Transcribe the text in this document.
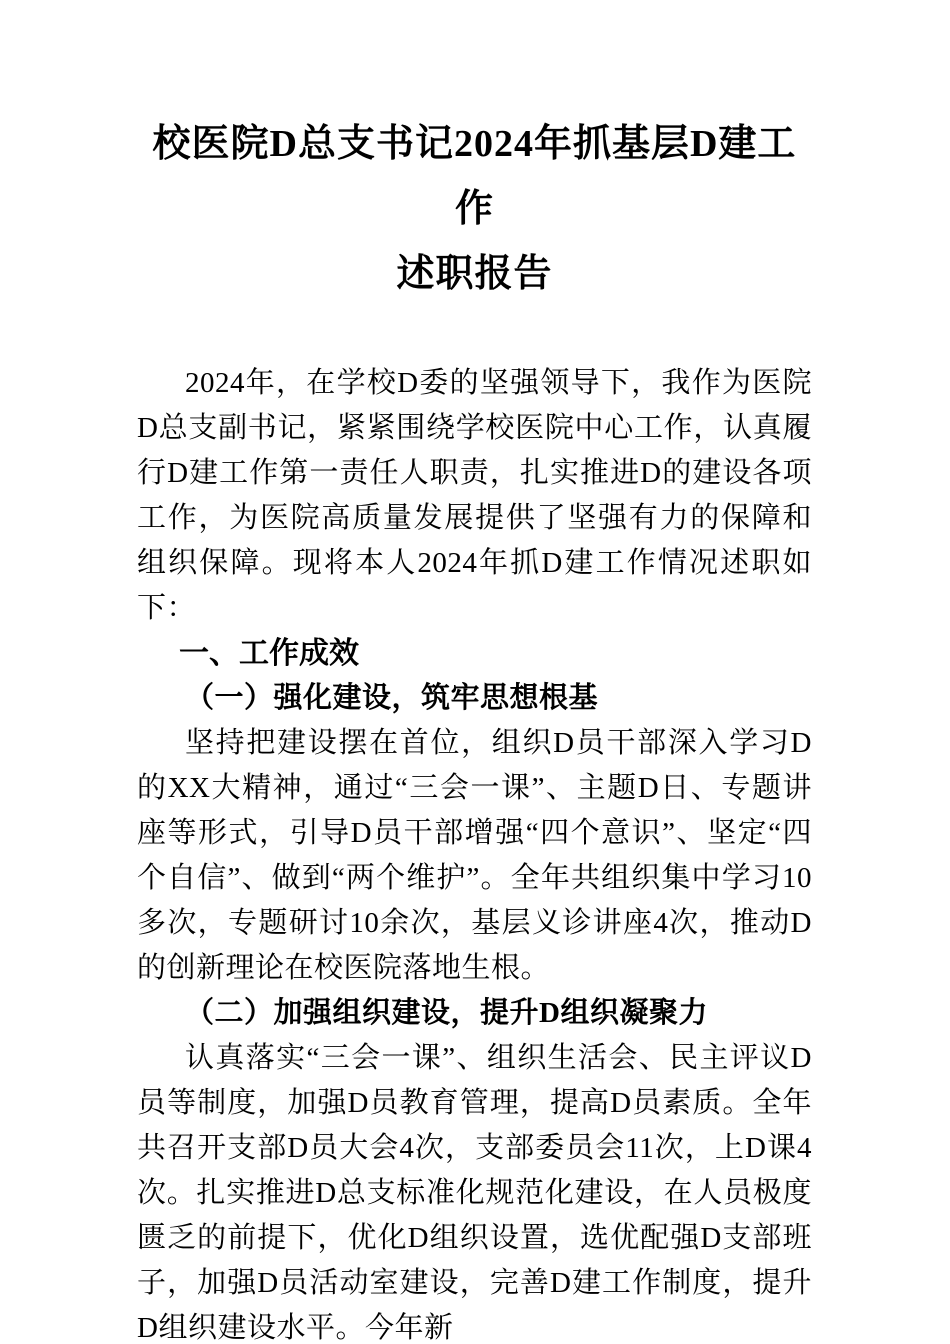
校医院D总支书记2024年抓基层D建工作
述职报告

2024年，在学校D委的坚强领导下，我作为医院D总支副书记，紧紧围绕学校医院中心工作，认真履行D建工作第一责任人职责，扎实推进D的建设各项工作，为医院高质量发展提供了坚强有力的保障和组织保障。现将本人2024年抓D建工作情况述职如下：

一、工作成效
（一）强化建设，筑牢思想根基

坚持把建设摆在首位，组织D员干部深入学习D的XX大精神，通过“三会一课”、主题D日、专题讲座等形式，引导D员干部增强“四个意识”、坚定“四个自信”、做到“两个维护”。全年共组织集中学习10多次，专题研讨10余次，基层义诊讲座4次，推动D的创新理论在校医院落地生根。

（二）加强组织建设，提升D组织凝聚力

认真落实“三会一课”、组织生活会、民主评议D员等制度，加强D员教育管理，提高D员素质。全年共召开支部D员大会4次，支部委员会11次，上D课4次。扎实推进D总支标准化规范化建设，在人员极度匮乏的前提下，优化D组织设置，选优配强D支部班子，加强D员活动室建设，完善D建工作制度，提升D组织建设水平。今年新
